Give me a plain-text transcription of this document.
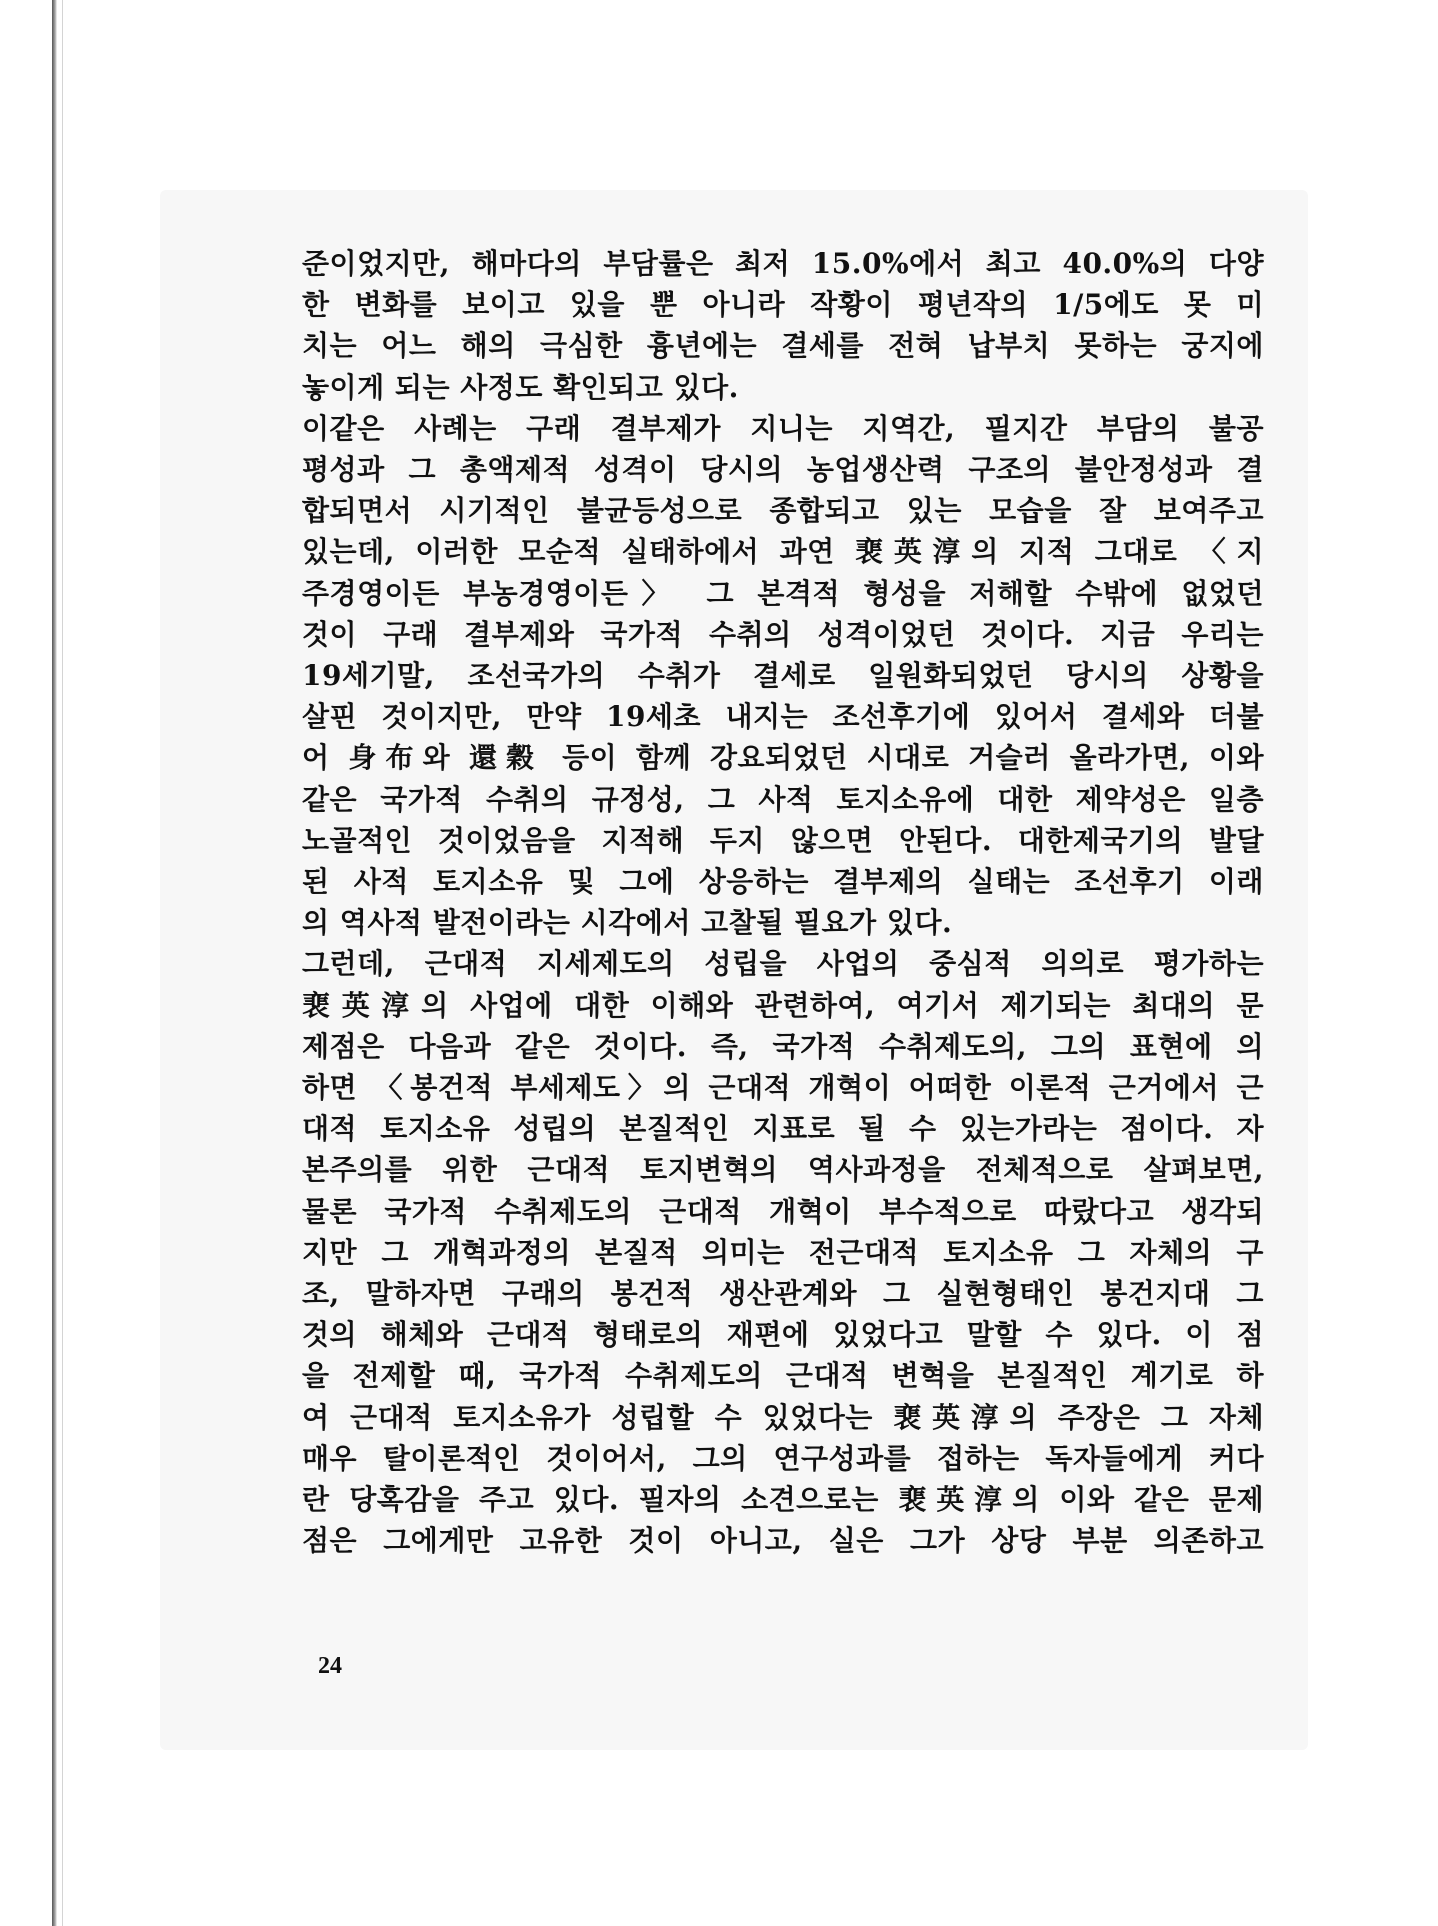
준이었지만, 해마다의 부담률은 최저 15.0%에서 최고 40.0%의 다양

한 변화를 보이고 있을 뿐 아니라 작황이 평년작의 1/5에도 못 미

치는 어느 해의 극심한 흉년에는 결세를 전혀 납부치 못하는 궁지에

놓이게 되는 사정도 확인되고 있다.

이같은 사례는 구래 결부제가 지니는 지역간, 필지간 부담의 불공

평성과 그 총액제적 성격이 당시의 농업생산력 구조의 불안정성과 결

합되면서 시기적인 불균등성으로 종합되고 있는 모습을 잘 보여주고

있는데, 이러한 모순적 실태하에서 과연 裵英淳의 지적 그대로 〈지

주경영이든 부농경영이든〉 그 본격적 형성을 저해할 수밖에 없었던

것이 구래 결부제와 국가적 수취의 성격이었던 것이다. 지금 우리는

19세기말, 조선국가의 수취가 결세로 일원화되었던 당시의 상황을

살핀 것이지만, 만약 19세초 내지는 조선후기에 있어서 결세와 더불

어 身布와 還穀 등이 함께 강요되었던 시대로 거슬러 올라가면, 이와

같은 국가적 수취의 규정성, 그 사적 토지소유에 대한 제약성은 일층

노골적인 것이었음을 지적해 두지 않으면 안된다. 대한제국기의 발달

된 사적 토지소유 및 그에 상응하는 결부제의 실태는 조선후기 이래

의 역사적 발전이라는 시각에서 고찰될 필요가 있다.

그런데, 근대적 지세제도의 성립을 사업의 중심적 의의로 평가하는

裵英淳의 사업에 대한 이해와 관련하여, 여기서 제기되는 최대의 문

제점은 다음과 같은 것이다. 즉, 국가적 수취제도의, 그의 표현에 의

하면 〈봉건적 부세제도〉의 근대적 개혁이 어떠한 이론적 근거에서 근

대적 토지소유 성립의 본질적인 지표로 될 수 있는가라는 점이다. 자

본주의를 위한 근대적 토지변혁의 역사과정을 전체적으로 살펴보면,

물론 국가적 수취제도의 근대적 개혁이 부수적으로 따랐다고 생각되

지만 그 개혁과정의 본질적 의미는 전근대적 토지소유 그 자체의 구

조, 말하자면 구래의 봉건적 생산관계와 그 실현형태인 봉건지대 그

것의 해체와 근대적 형태로의 재편에 있었다고 말할 수 있다. 이 점

을 전제할 때, 국가적 수취제도의 근대적 변혁을 본질적인 계기로 하

여 근대적 토지소유가 성립할 수 있었다는 裵英淳의 주장은 그 자체

매우 탈이론적인 것이어서, 그의 연구성과를 접하는 독자들에게 커다

란 당혹감을 주고 있다. 필자의 소견으로는 裵英淳의 이와 같은 문제

점은 그에게만 고유한 것이 아니고, 실은 그가 상당 부분 의존하고

24
